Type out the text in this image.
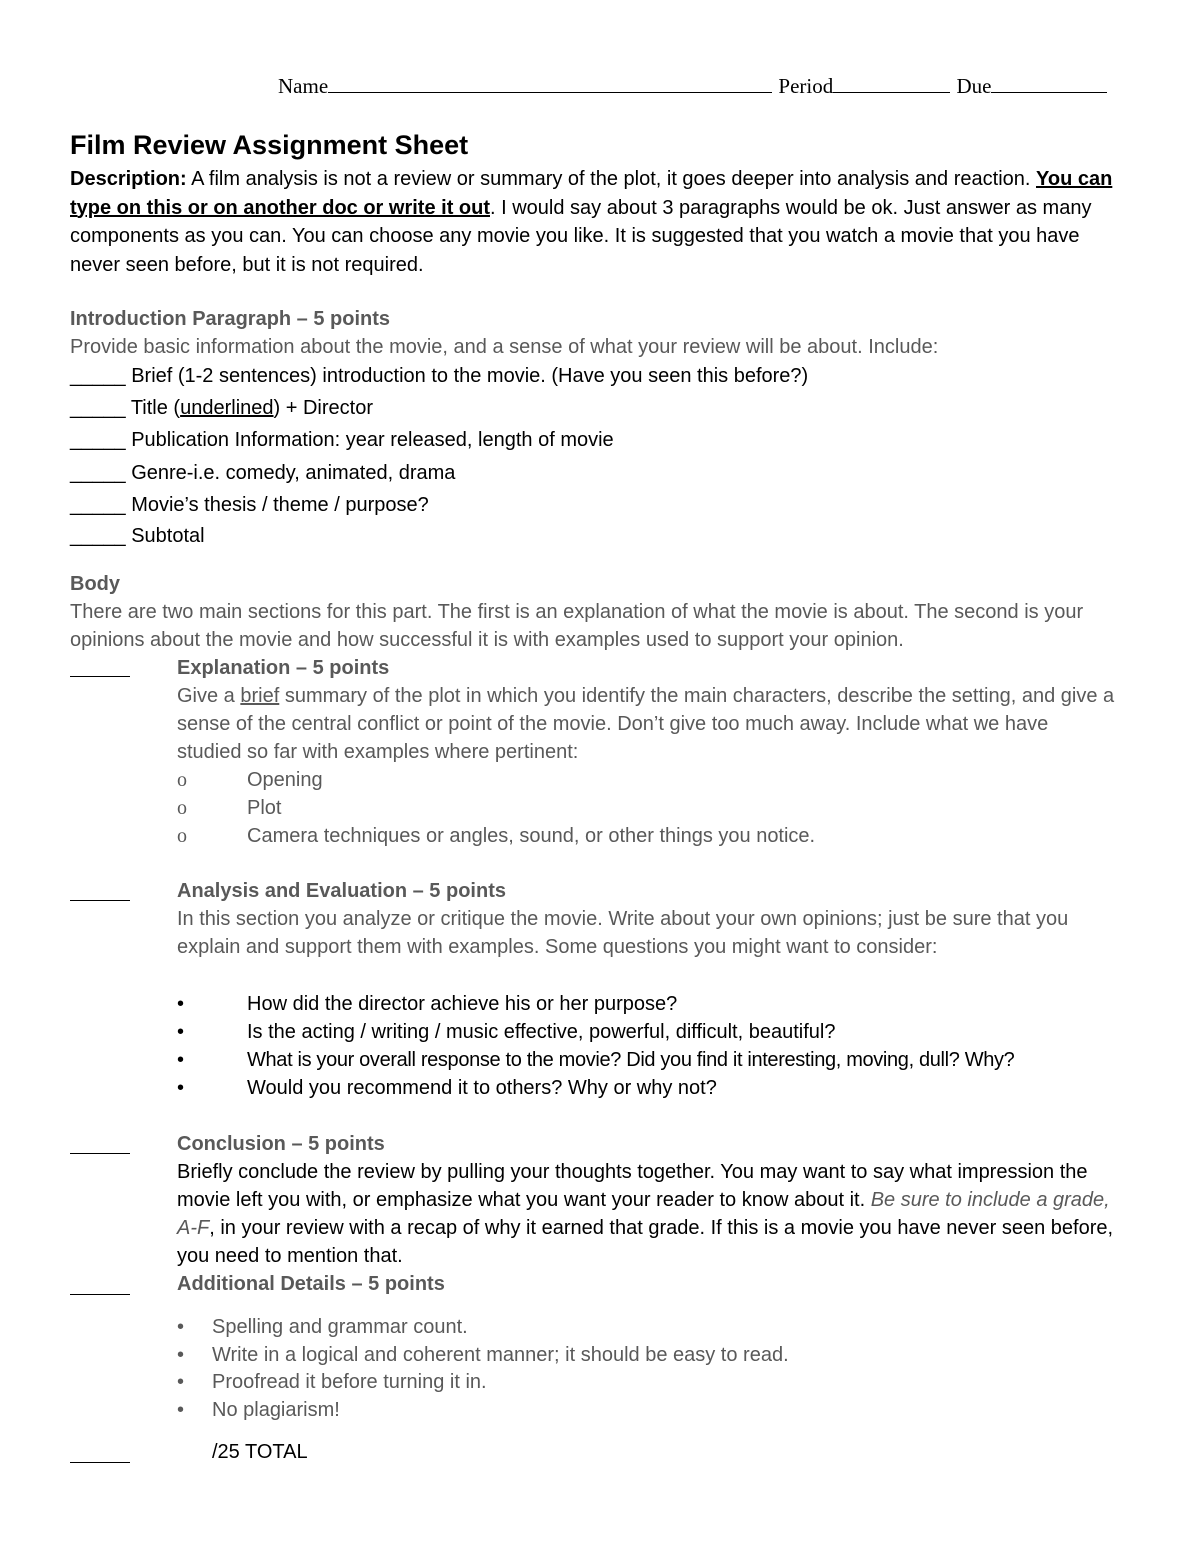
Name	Period	Due
Film Review Assignment Sheet
Description: A film analysis is not a review or summary of the plot, it goes deeper into analysis and reaction. You can type on this or on another doc or write it out. I would say about 3 paragraphs would be ok. Just answer as many components as you can. You can choose any movie you like. It is suggested that you watch a movie that you have never seen before, but it is not required.
Introduction Paragraph – 5 points
Provide basic information about the movie, and a sense of what your review will be about. Include:
_____ Brief (1-2 sentences) introduction to the movie. (Have you seen this before?)
_____ Title (underlined) + Director
_____ Publication Information: year released, length of movie
_____ Genre-i.e. comedy, animated, drama
_____ Movie’s thesis / theme / purpose?
_____ Subtotal
Body
There are two main sections for this part. The first is an explanation of what the movie is about. The second is your opinions about the movie and how successful it is with examples used to support your opinion.
Explanation – 5 points
Give a brief summary of the plot in which you identify the main characters, describe the setting, and give a sense of the central conflict or point of the movie. Don’t give too much away. Include what we have studied so far with examples where pertinent:
o	Opening
o	Plot
o	Camera techniques or angles, sound, or other things you notice.
Analysis and Evaluation – 5 points
In this section you analyze or critique the movie. Write about your own opinions; just be sure that you explain and support them with examples. Some questions you might want to consider:
•	How did the director achieve his or her purpose?
•	Is the acting / writing / music effective, powerful, difficult, beautiful?
•	What is your overall response to the movie? Did you find it interesting, moving, dull? Why?
•	Would you recommend it to others? Why or why not?
Conclusion – 5 points
Briefly conclude the review by pulling your thoughts together. You may want to say what impression the movie left you with, or emphasize what you want your reader to know about it. Be sure to include a grade, A-F, in your review with a recap of why it earned that grade. If this is a movie you have never seen before, you need to mention that.
Additional Details – 5 points
• Spelling and grammar count.
• Write in a logical and coherent manner; it should be easy to read.
• Proofread it before turning it in.
• No plagiarism!
/25 TOTAL
